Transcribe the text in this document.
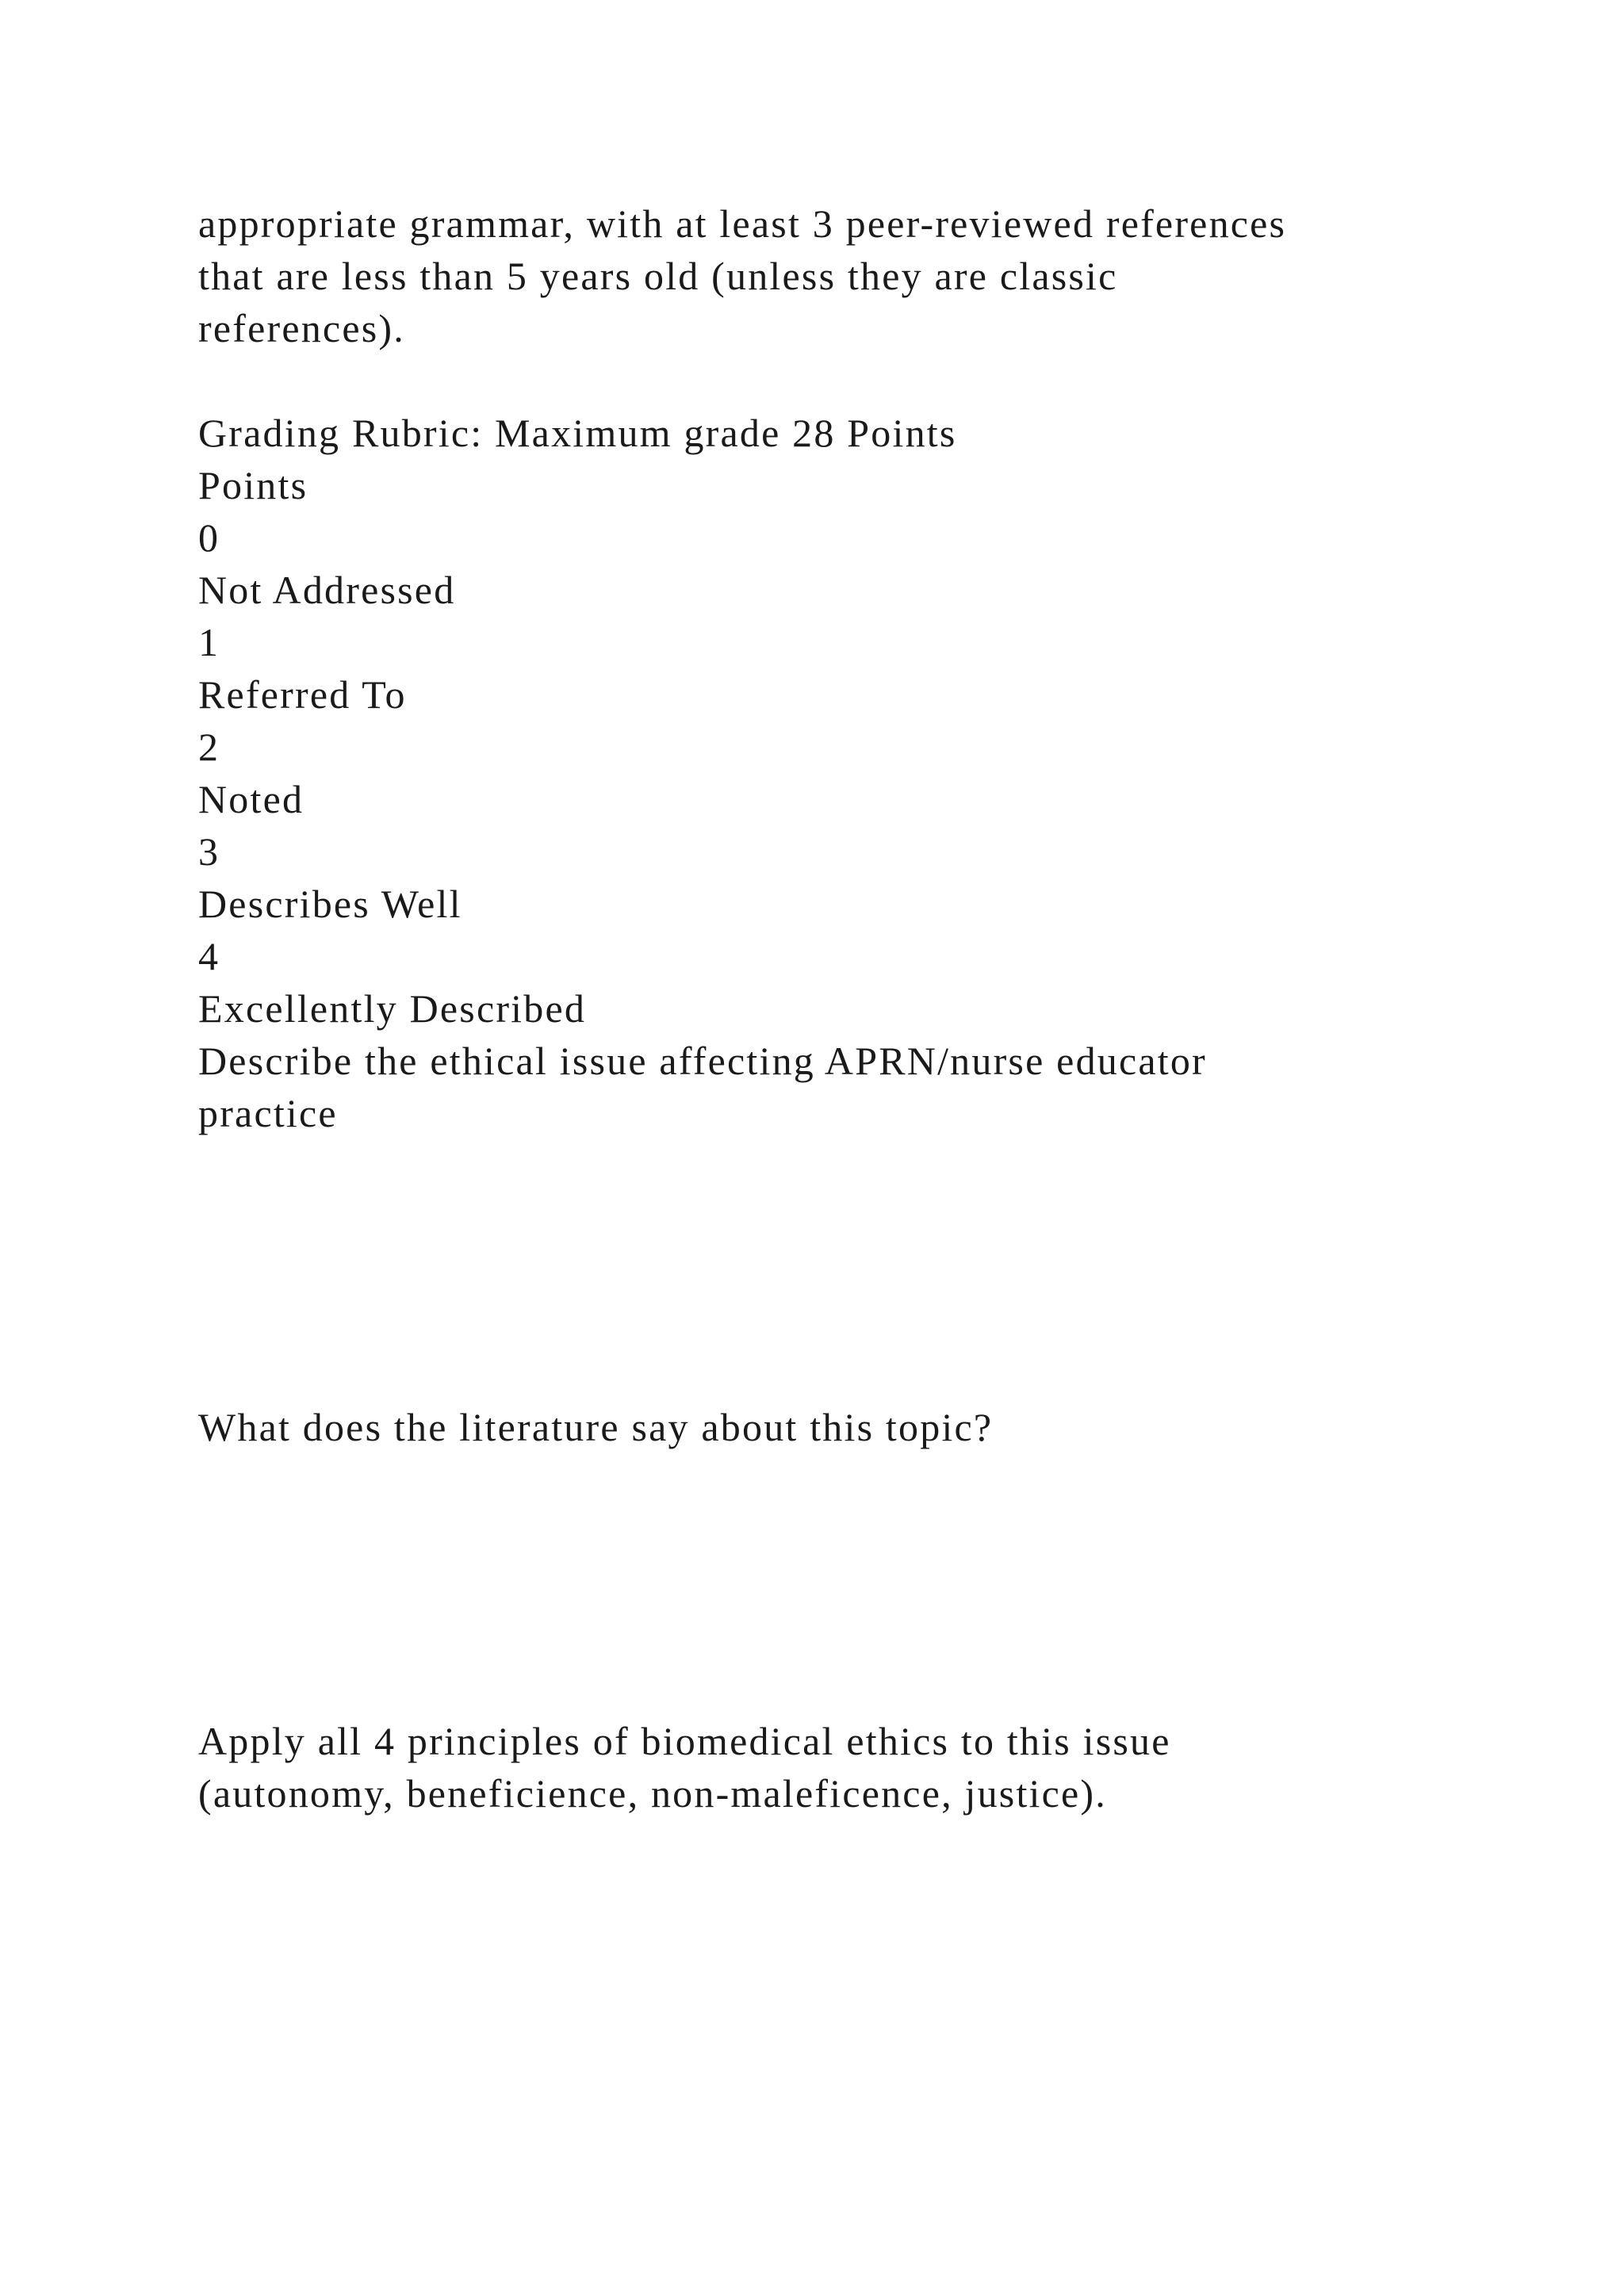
appropriate grammar, with at least 3 peer-reviewed references
that are less than 5 years old (unless they are classic
references).
Grading Rubric: Maximum grade 28 Points
Points
0
Not Addressed
1
Referred To
2
Noted
3
Describes Well
4
Excellently Described
Describe the ethical issue affecting APRN/nurse educator
practice
What does the literature say about this topic?
Apply all 4 principles of biomedical ethics to this issue
(autonomy, beneficience, non-maleficence, justice).
